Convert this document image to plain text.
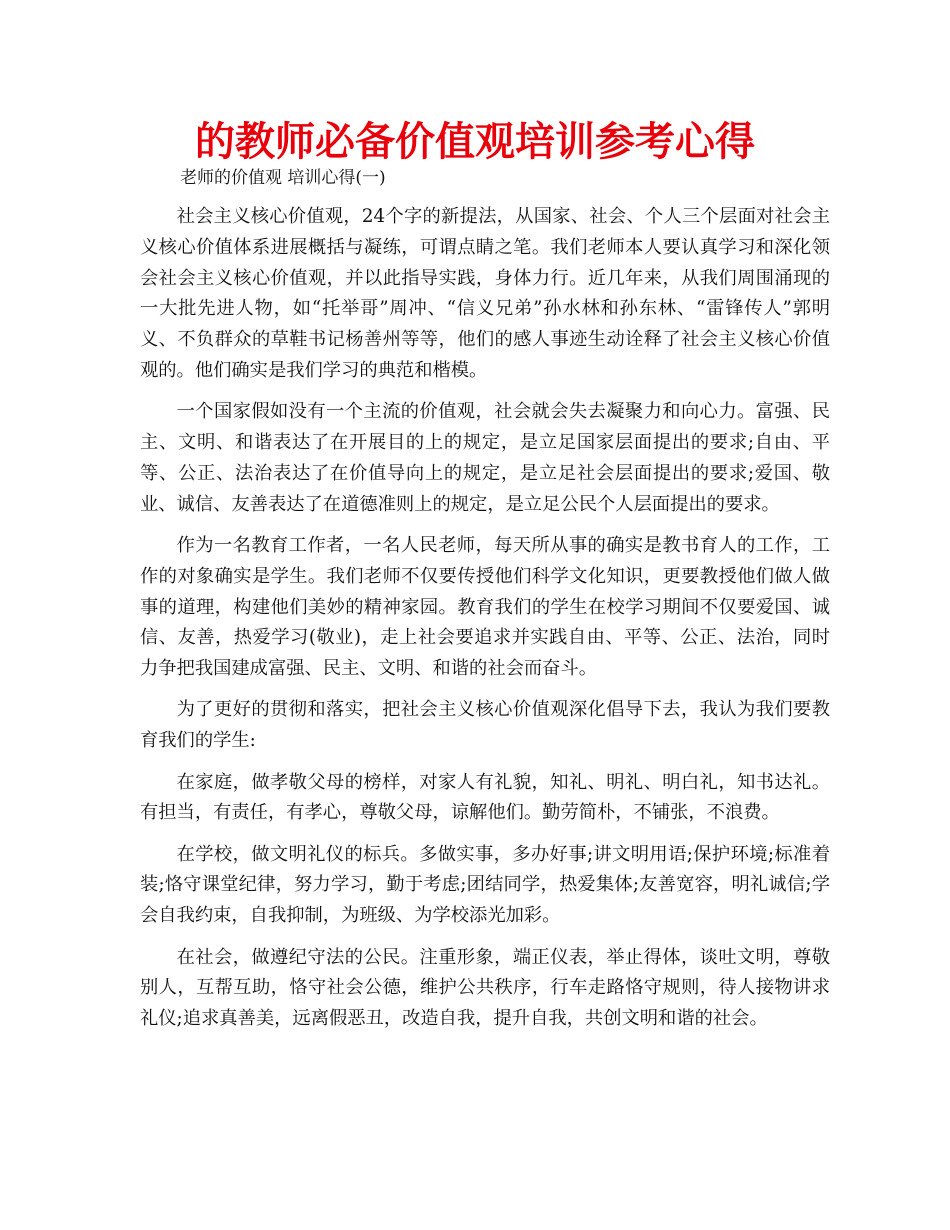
的教师必备价值观培训参考心得
老师的价值观 培训心得(一)

社会主义核心价值观，24个字的新提法，从国家、社会、个人三个层面对社会主义核心价值体系进展概括与凝练，可谓点睛之笔。我们老师本人要认真学习和深化领会社会主义核心价值观，并以此指导实践，身体力行。近几年来，从我们周围涌现的一大批先进人物，如“托举哥”周冲、“信义兄弟”孙水林和孙东林、“雷锋传人”郭明义、不负群众的草鞋书记杨善州等等，他们的感人事迹生动诠释了社会主义核心价值观的。他们确实是我们学习的典范和楷模。

一个国家假如没有一个主流的价值观，社会就会失去凝聚力和向心力。富强、民主、文明、和谐表达了在开展目的上的规定，是立足国家层面提出的要求;自由、平等、公正、法治表达了在价值导向上的规定，是立足社会层面提出的要求;爱国、敬业、诚信、友善表达了在道德准则上的规定，是立足公民个人层面提出的要求。

作为一名教育工作者，一名人民老师，每天所从事的确实是教书育人的工作，工作的对象确实是学生。我们老师不仅要传授他们科学文化知识，更要教授他们做人做事的道理，构建他们美妙的精神家园。教育我们的学生在校学习期间不仅要爱国、诚信、友善，热爱学习(敬业)，走上社会要追求并实践自由、平等、公正、法治，同时力争把我国建成富强、民主、文明、和谐的社会而奋斗。

为了更好的贯彻和落实，把社会主义核心价值观深化倡导下去，我认为我们要教育我们的学生:

在家庭，做孝敬父母的榜样，对家人有礼貌，知礼、明礼、明白礼，知书达礼。有担当，有责任，有孝心，尊敬父母，谅解他们。勤劳简朴，不铺张，不浪费。

在学校，做文明礼仪的标兵。多做实事，多办好事;讲文明用语;保护环境;标准着装;恪守课堂纪律，努力学习，勤于考虑;团结同学，热爱集体;友善宽容，明礼诚信;学会自我约束，自我抑制，为班级、为学校添光加彩。

在社会，做遵纪守法的公民。注重形象，端正仪表，举止得体，谈吐文明，尊敬别人，互帮互助，恪守社会公德，维护公共秩序，行车走路恪守规则，待人接物讲求礼仪;追求真善美，远离假恶丑，改造自我，提升自我，共创文明和谐的社会。
